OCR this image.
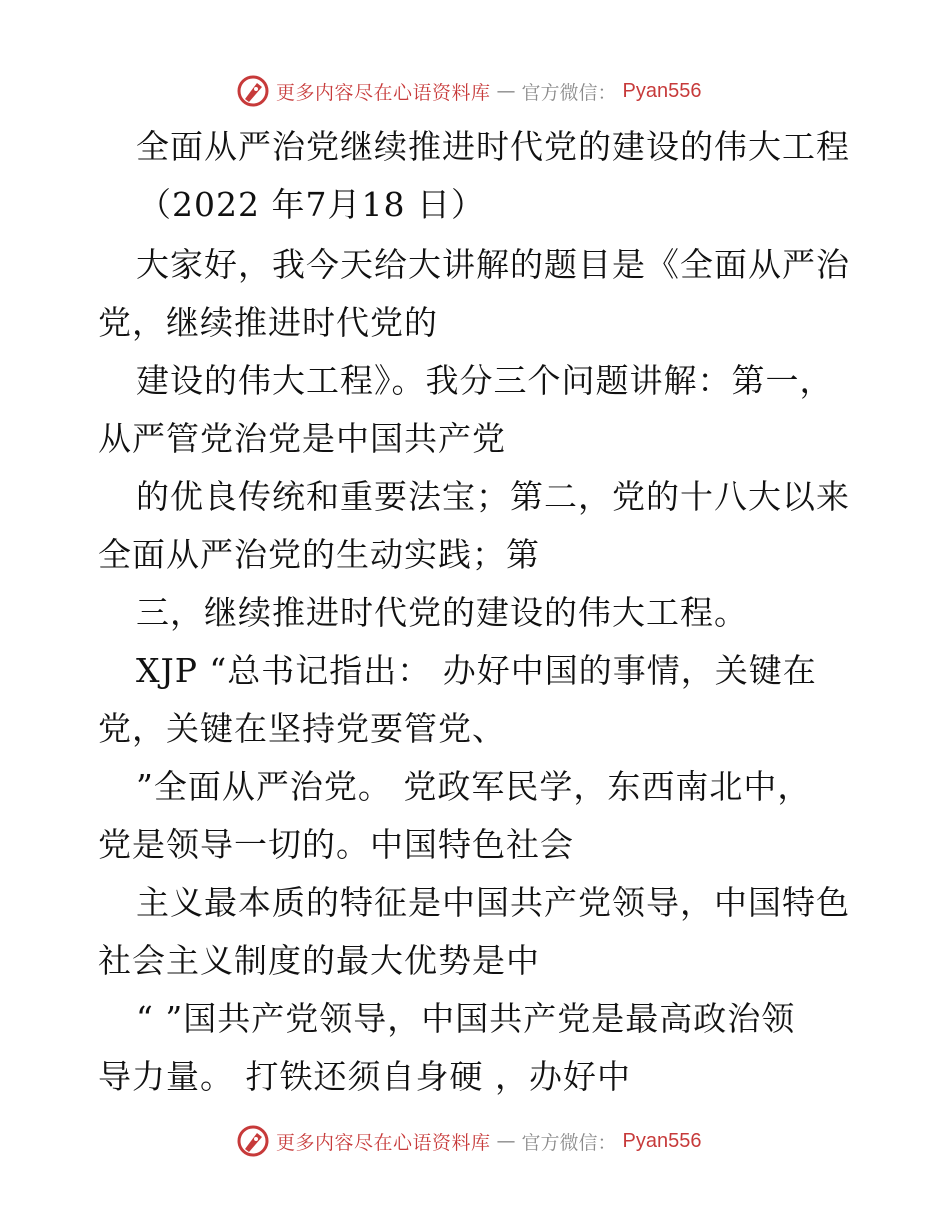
更多内容尽在心语资料库 — 官方微信： Pyan556
全面从严治党继续推进时代党的建设的伟大工程
（2022 年7月18 日）
大家好，我今天给大讲解的题目是《全面从严治
党，继续推进时代党的
建设的伟大工程》。我分三个问题讲解：第一，
从严管党治党是中国共产党
的优良传统和重要法宝；第二，党的十八大以来
全面从严治党的生动实践；第
三，继续推进时代党的建设的伟大工程。
XJP “总书记指出： 办好中国的事情，关键在
党，关键在坚持党要管党、
”全面从严治党。 党政军民学，东西南北中，
党是领导一切的。中国特色社会
主义最本质的特征是中国共产党领导，中国特色
社会主义制度的最大优势是中
“ ”国共产党领导，中国共产党是最高政治领
导力量。 打铁还须自身硬 ，办好中
更多内容尽在心语资料库 — 官方微信： Pyan556
